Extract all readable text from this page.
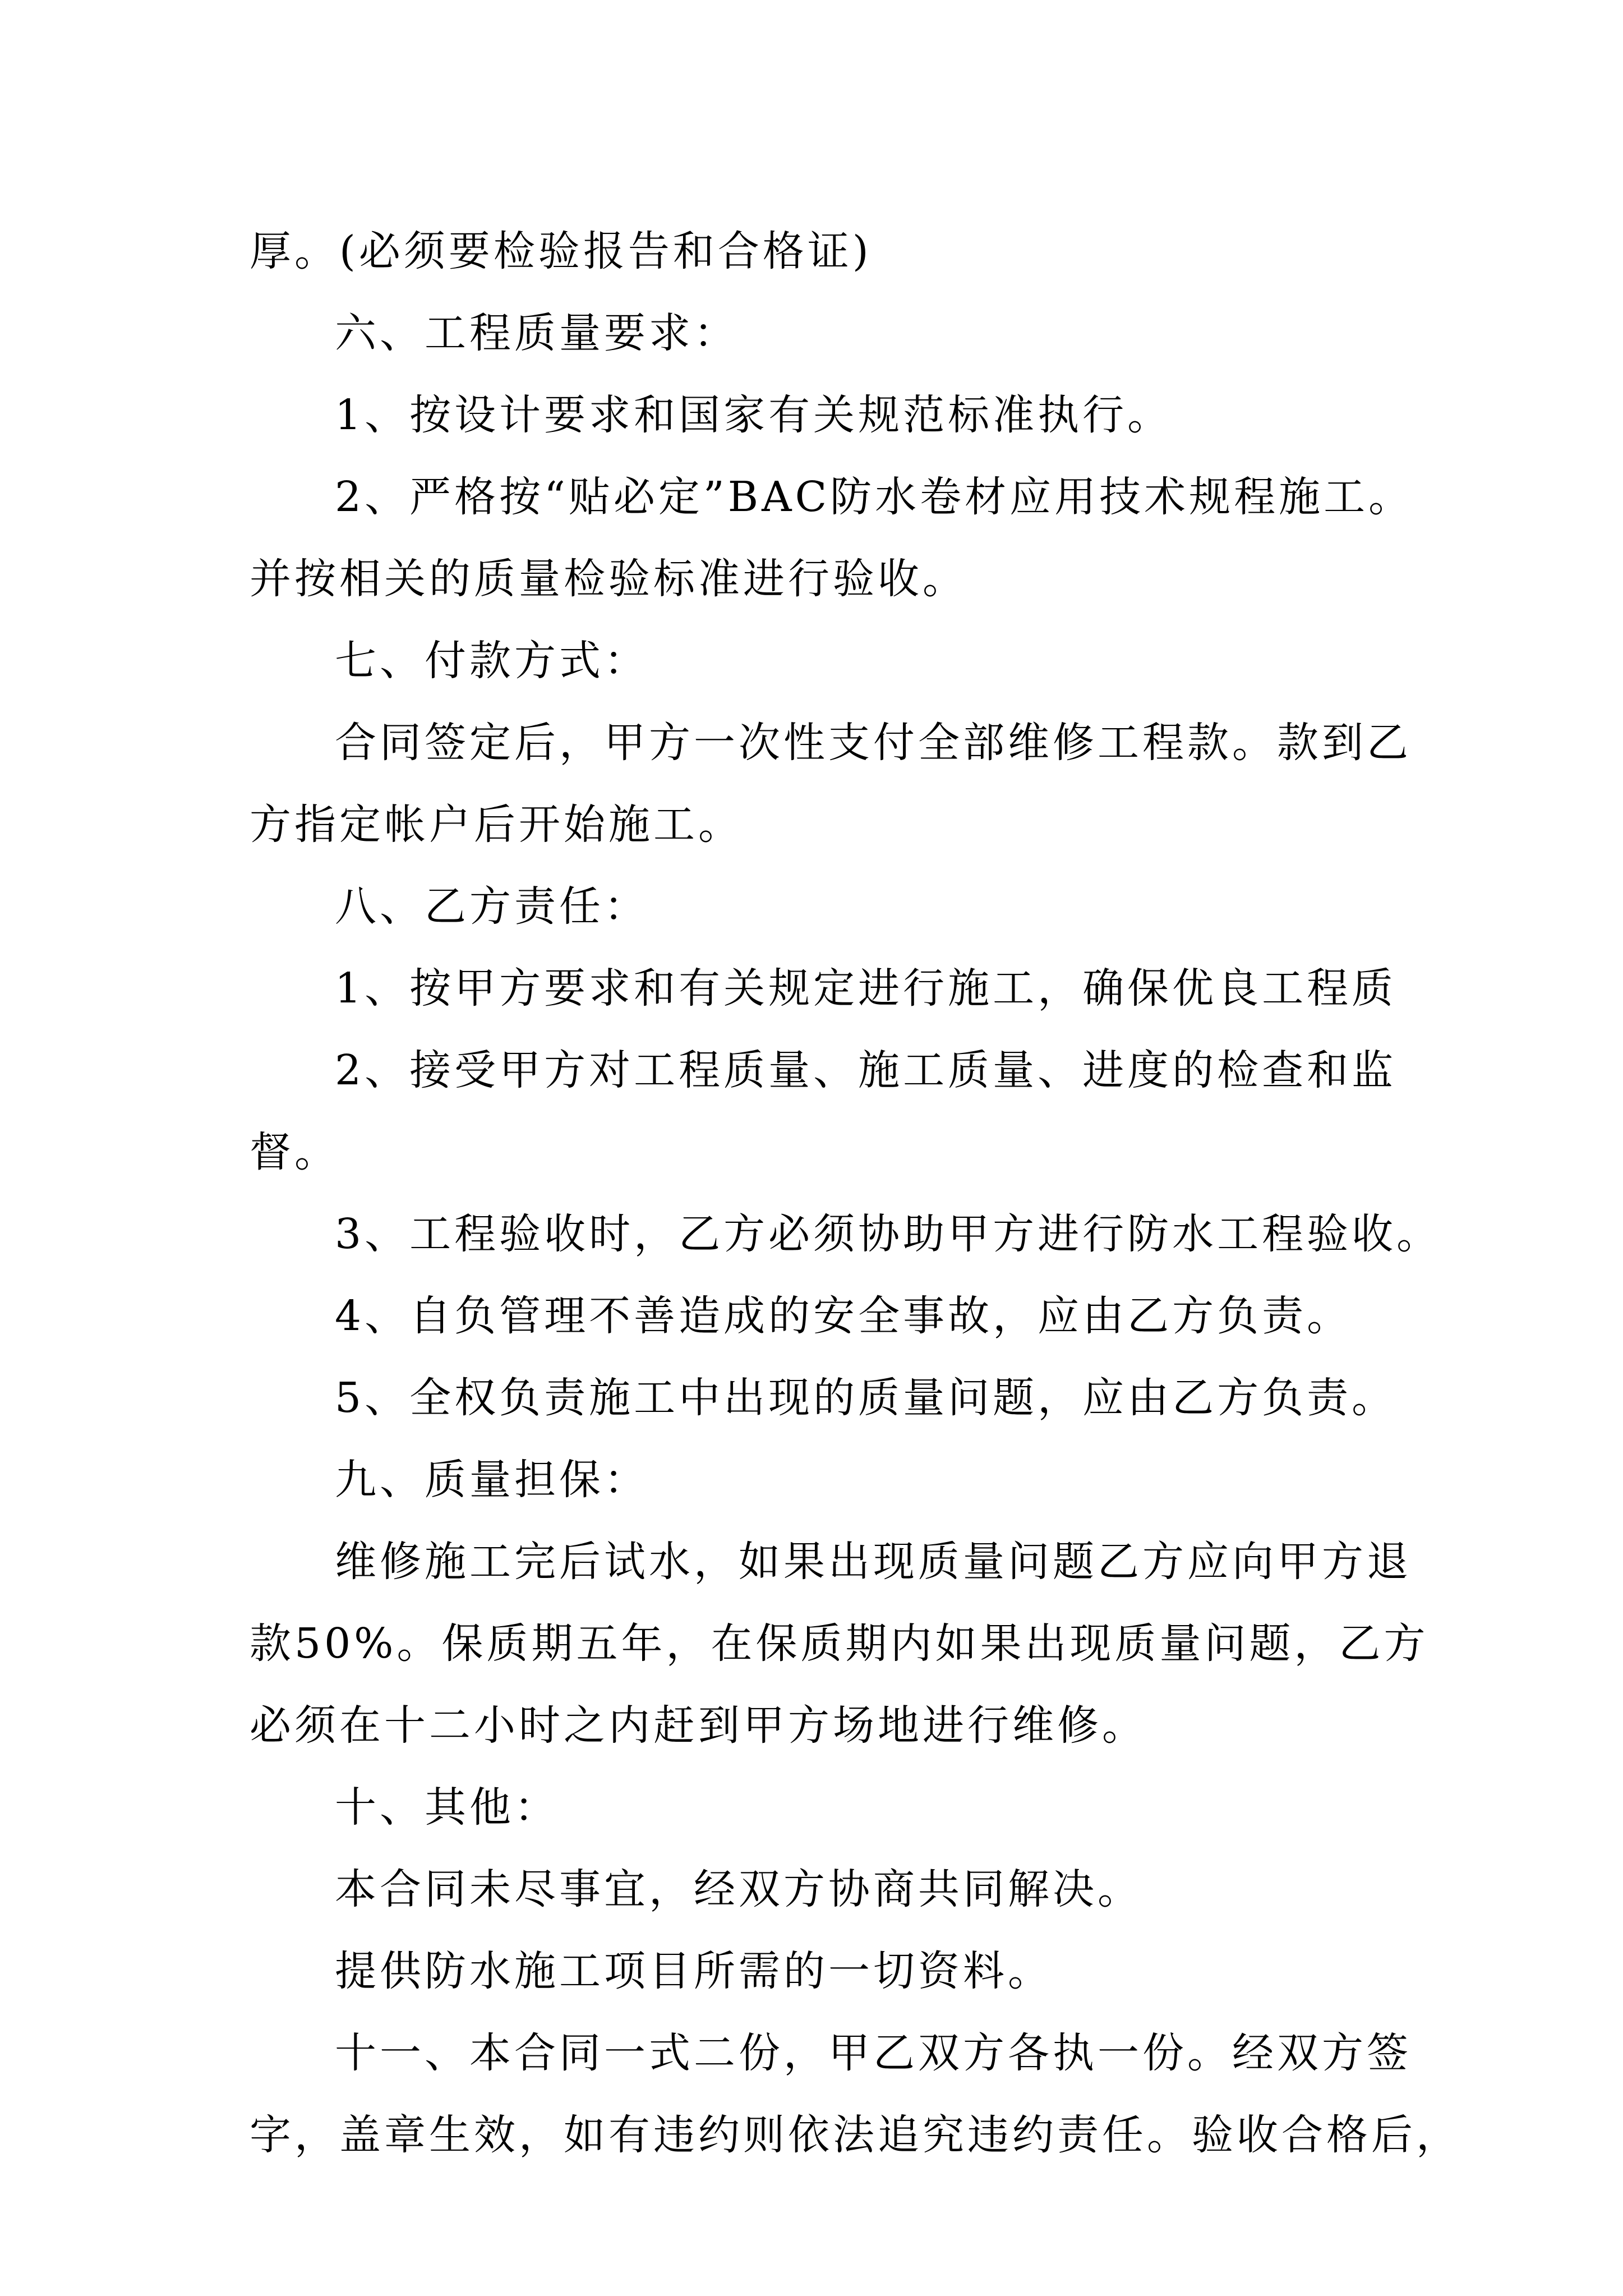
厚。(必须要检验报告和合格证)
六、工程质量要求：
1、按设计要求和国家有关规范标准执行。
2、严格按“贴必定”BAC防水卷材应用技术规程施工。
并按相关的质量检验标准进行验收。
七、付款方式：
合同签定后，甲方一次性支付全部维修工程款。款到乙
方指定帐户后开始施工。
八、乙方责任：
1、按甲方要求和有关规定进行施工，确保优良工程质
2、接受甲方对工程质量、施工质量、进度的检查和监
督。
3、工程验收时，乙方必须协助甲方进行防水工程验收。
4、自负管理不善造成的安全事故，应由乙方负责。
5、全权负责施工中出现的质量问题，应由乙方负责。
九、质量担保：
维修施工完后试水，如果出现质量问题乙方应向甲方退
款50%。保质期五年，在保质期内如果出现质量问题，乙方
必须在十二小时之内赶到甲方场地进行维修。
十、其他：
本合同未尽事宜，经双方协商共同解决。
提供防水施工项目所需的一切资料。
十一、本合同一式二份，甲乙双方各执一份。经双方签
字，盖章生效，如有违约则依法追究违约责任。验收合格后，
